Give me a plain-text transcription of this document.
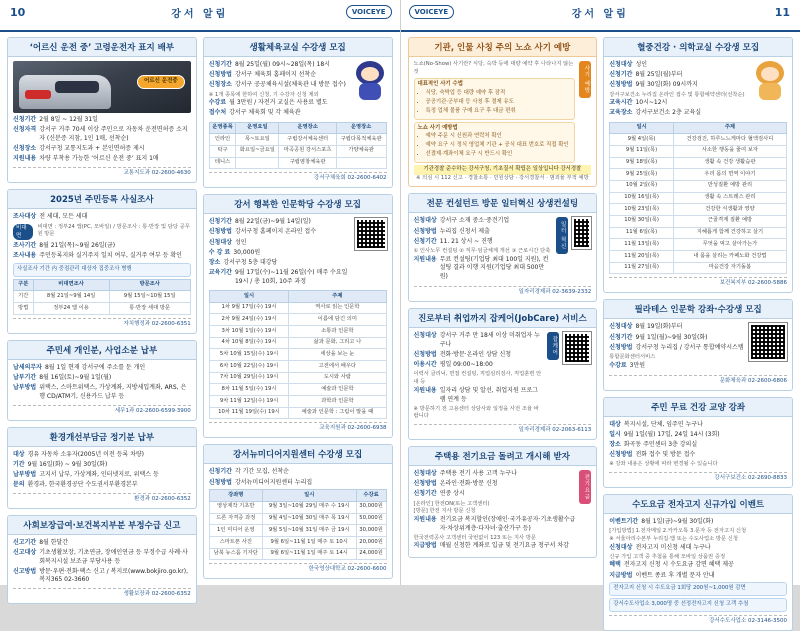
10	강서 알림	VOICEYE
‘어르신 운전 중’ 고령운전자 표지 배부
어르신 운전중
신청기간 2월 8일 ~ 12월 31일
신청자격 강서구 거주 70세 이상 주민으로 자동차 운전면허증 소지자 (신분증 지참, 1인 1매, 선착순)
신청장소 강서구청 교통지도과 + 본인면허증 제시
지원내용 차량 부착용 가능한 ‘어르신 운전 중’ 표지 1매
교통지도과 02-2600-4630
2025년 주민등록 사실조사
조사대상 전 세대, 모든 세대
비대면
비대면 : 정부24 앱(PC, 모바일) / 방문조사 : 통·반장 및 담당 공무원 방문
조사기간 8월 21일(목)~9월 26일(금)
조사내용 주민등록지와 실거주지 일치 여부, 실거주 여부 등 확인
사실조사 기간 內 중점관리 대상자 집중조사 병행
구분	비대면조사	방문조사
기간	8월 21일~9월 14일	9월 15일~10월 15일
방법	정부24 앱 이용	통·반장 세대 방문
자치행정과 02-2600-6351
주민세 개인분, 사업소분 납부
납세의무자 8월 1일 현재 강서구에 주소를 둔 개인
납부기간 8월 16일(토)~9월 1일(월)
납부방법 위택스, 스마트위택스, 가상계좌, 지방세입계좌, ARS, 은행 CD/ATM기, 신용카드 납부 등
세무1과 02-2600-6599·3900
환경개선부담금 정기분 납부
대상 경유 자동차 소유자(2005년 이전 등록 차량)
기간 9월 16일(화) ~ 9월 30일(화)
납부방법 고지서 납부, 가상계좌, 인터넷지로, 위택스 등
문의 환경과, 한국환경공단 수도권서부환경본부
환경과 02-2600-6352
사회보장급여·보건복지부분 부정수급 신고
신고기간 8월 한달간
신고대상 기초생활보장, 기초연금, 장애인연금 등 부정수급 사례·사회복지시설 보조금 부당사용 등
신고방법 방문·우편·전화·팩스 신고 / 복지로(www.bokjiro.go.kr), 복지365 02-3660
생활보장과 02-2600-6352
생활체육교실 수강생 모집
신청기간 8월 25일(월) 09시~28일(목) 18시
신청방법 강서구 체육회 홈페이지 선착순
신청장소 강서구 공공체육시설(체육관 내 방문 접수)
※ 1개 종목에 한하여 신청, 기 수강자 신청 제외
수강료 월 3만원 / 자전거 교실은 사용료 별도
접수처 강서구 체육회 및 각 체육관
운영종목	운영요일	운영장소	운영장소
인라인	목~토요일	구립강서체육센터	구립다목적체육관
탁구	화요일~금요일	마곡공원 강서스포츠	가양체육관
테니스		구립염창체육관	
강서구체육회 02-2600-6402
강서 행복한 인문학당 수강생 모집
신청기간 8월 22일(금)~9월 14일(일)
신청방법 강서구청 홈페이지 온라인 접수
신청대상 성인
수 강 료 30,000원
장소 강서구청 5층 대강당
교육기간 9월 17일(수)~11월 26일(수) 매주 수요일 19시 / 총 10회, 10주 과정
일시	주제
1차 9월 17일(수) 19시	역사로 읽는 인문학
2차 9월 24일(수) 19시	이름에 담긴 의미
3차 10월 1일(수) 19시	소통과 인문학
4차 10월 8일(수) 19시	삶과 문화, 그리고 나
5차 10월 15일(수) 19시	세상을 보는 눈
6차 10월 22일(수) 19시	고전에서 배우다
7차 10월 29일(수) 19시	도시와 사람
8차 11월 5일(수) 19시	예술과 인문학
9차 11월 12일(수) 19시	과학과 인문학
10차 11월 19일(수) 19시	예술과 인문학 : 그림이 말을 때
교육지원과 02-2600-6938
강서뉴미디어지원센터 수강생 모집
신청기간 각 기간 모집, 선착순
신청방법 강서뉴미디어지원센터 누리집
강좌명	일시	수강료
영상제작 기초반	9월 3일~10월 29일 매주 수 19시	30,000원
드론 자격증 과정	9월 4일~10월 30일 매주 목 19시	50,000원
1인 미디어 운영	9월 5일~10월 31일 매주 금 19시	30,000원
스마트폰 사진	9월 6일~11월 1일 매주 토 10시	20,000원
남북 뉴스룸 기자단	9월 6일~11월 1일 매주 토 14시	24,000원
한국영상대학교 02-2600-6600
11
강서 알림
VOICEYE
기관, 인물 사칭 주의 노쇼 사기 예방
노쇼(No-Show) 사기란? 식당, 숙박 등에 대량 예약 후 나타나지 않는 것
대표적인 사기 수법
• 식당, 숙박업 등 대량 예약 후 잠적
• 공공기관·군부대 등 사칭 후 결제 유도
• 특정 업체 물품 구매 요구 후 대금 편취
노쇼 사기 예방법
• 예약 주문 시 신원과 연락처 확인
• 예약 요구 시 정식 영업체 기관 + 공식 대표 번호로 직접 확인
• 선결제·계좌이체 요구 시 반드시 확인
사기 예방
기관경찰 준수하는 강서구청, 기초질서 확립은 일상입니다 강서경찰
※ 의심 시 112 신고 · 경찰소통 · 민원상담 · 강서경찰서 · 범죄율 부적 예방
전문 컨설턴트 방문 일터혁신 상생컨설팅
신청대상 강서구 소재 중소·중견기업
신청방법 누리집 신청서 제출
신청기간 11. 21 상시 ~ 진행
① 인사노무 컨설팅 ② 직무·임금체계 개선 ③ 근로시간 단축
지원내용 무료 컨설팅(기업당 최대 100일 지원), 컨설팅 결과 이행 지원(기업당 최대 500만원)
일터 혁신
일자리경제과 02-3639-2332
진로부터 취업까지 잡케어(JobCare) 서비스
신청대상 강서구 거주 만 18세 이상 미취업자 누구나
신청방법 전화·방문·온라인 상담 신청
이용시간 평일 09:00~18:00
이력서 클리닉, 면접 컨설팅, 직업심리검사, 직업훈련 안내 등
지원내용 일자리 상담 및 알선, 취업지원 프로그램 연계 등
※ 방문하기 전 고용센터 상담사와 일정을 사전 조율 바랍니다
잡케어
일자리경제과 02-2063-6113
주택용 전기요금 돌려고 개시해 받자
신청대상 주택용 전기 사용 고객 누구나
신청방법 온라인·전화·방문 신청
신청기간 연중 상시
[온라인] 한전ON(또는 고객센터)
[방문] 한전 지사 방문 신청
지원내용 전기요금 복지할인(장애인·국가유공자·기초생활수급자·차상위계층·다자녀·출산가구 등)
한국전력공사 고객센터 국번없이 123 또는 지사 방문
지급방법 매월 신청한 계좌로 입금 및 전기요금 청구서 차감
전기요금
혈중건강 · 의학교실 수강생 모집
신청대상 성인
신청기간 8월 25일(월)부터
신청방법 9월 30일(화) 09시까지
강서구보건소 누리집 온라인 접수 및 통합예약센터(선착순)
교육시간 10시~12시
교육장소 강서구보건소 2층 교육실
일시	주제
9월 4일(목)	건강검진, 하루느느게마다 혈액검사디
9월 11일(목)	사소한 행동을 줄여 보자
9월 18일(목)	생활 속 건강 생활습관
9월 25일(목)	우리 몸의 면역 이야기
10월 2일(목)	만성질환 예방 관리
10월 16일(목)	생활 속 스트레스 관리
10월 23일(목)	건강한 식생활과 영양
10월 30일(목)	근골격계 질환 예방
11월 6일(목)	지혜롭게 함께 건강하고 살기
11월 13일(목)	무엇을 먹고 살아가는가
11월 20일(목)	내 몸을 살리는 카페노화 건강법
11월 27일(목)	마음건강 자기돌봄
보건복지부 02-2600-5886
필라테스 인문학 강좌·수강생 모집
신청대상 8월 19일(화)부터
신청기간 9월 1일(월)~9월 30일(화)
신청방법 강서구청 누리집 / 강서구 통합예약시스템
통합문화센터서비스
수강료 3만원
문화체육과 02-2600-6806
주민 무료 건강 교양 강좌
대상 복지시설, 단체, 임주민 누구나
일시 9월 1일(월) 17일, 24일 14시 (3회)
장소 화곡동 주민센터 3층 강의실
신청방법 전화 접수 및 방문 접수
※ 강좌 내용은 상황에 따라 변경될 수 있습니다
강서구보건소 02-2690-8833
수도요금 전자고지 신규가입 이벤트
이벤트기간 8월 1일(금)~9월 30일(화)
[가입방법] 1.전자메일 2.카카오톡 3.문자 등 전자고지 신청
※ 서울아리수본부 누리집·앱 또는 수도사업소 방문 신청
신청대상 전자고지 미신청 세대 누구나
신규 가입 고객 중 추첨을 통해 모바일 상품권 증정
혜택 전자고지 신청 시 수도요금 감면 혜택 제공
지급방법 이벤트 종료 후 개별 문자 안내
전자고지 신청 시 수도요금 1회당 200원~1,000원 감면
강서수도사업소 3,000명 중 선정전자고지 신청 고객 추첨
강서수도사업소 02-3146-3500
